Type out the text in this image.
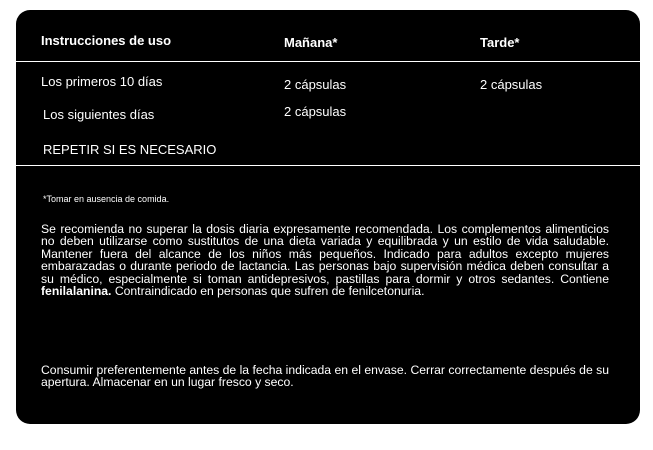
Instrucciones de uso	Mañana*	Tarde*
Los primeros 10 días	2 cápsulas	2 cápsulas
Los siguientes días	2 cápsulas
REPETIR SI ES NECESARIO
*Tomar en ausencia de comida.
Se recomienda no superar la dosis diaria expresamente recomendada. Los complementos alimenticios no deben utilizarse como sustitutos de una dieta variada y equilibrada y un estilo de vida saludable. Mantener fuera del alcance de los niños más pequeños. Indicado para adultos excepto mujeres embarazadas o durante periodo de lactancia. Las personas bajo supervisión médica deben consultar a su médico, especialmente si toman antidepresivos, pastillas para dormir y otros sedantes. Contiene fenilalanina. Contraindicado en personas que sufren de fenilcetonuria.
Consumir preferentemente antes de la fecha indicada en el envase. Cerrar correctamente después de su apertura. Almacenar en un lugar fresco y seco.
